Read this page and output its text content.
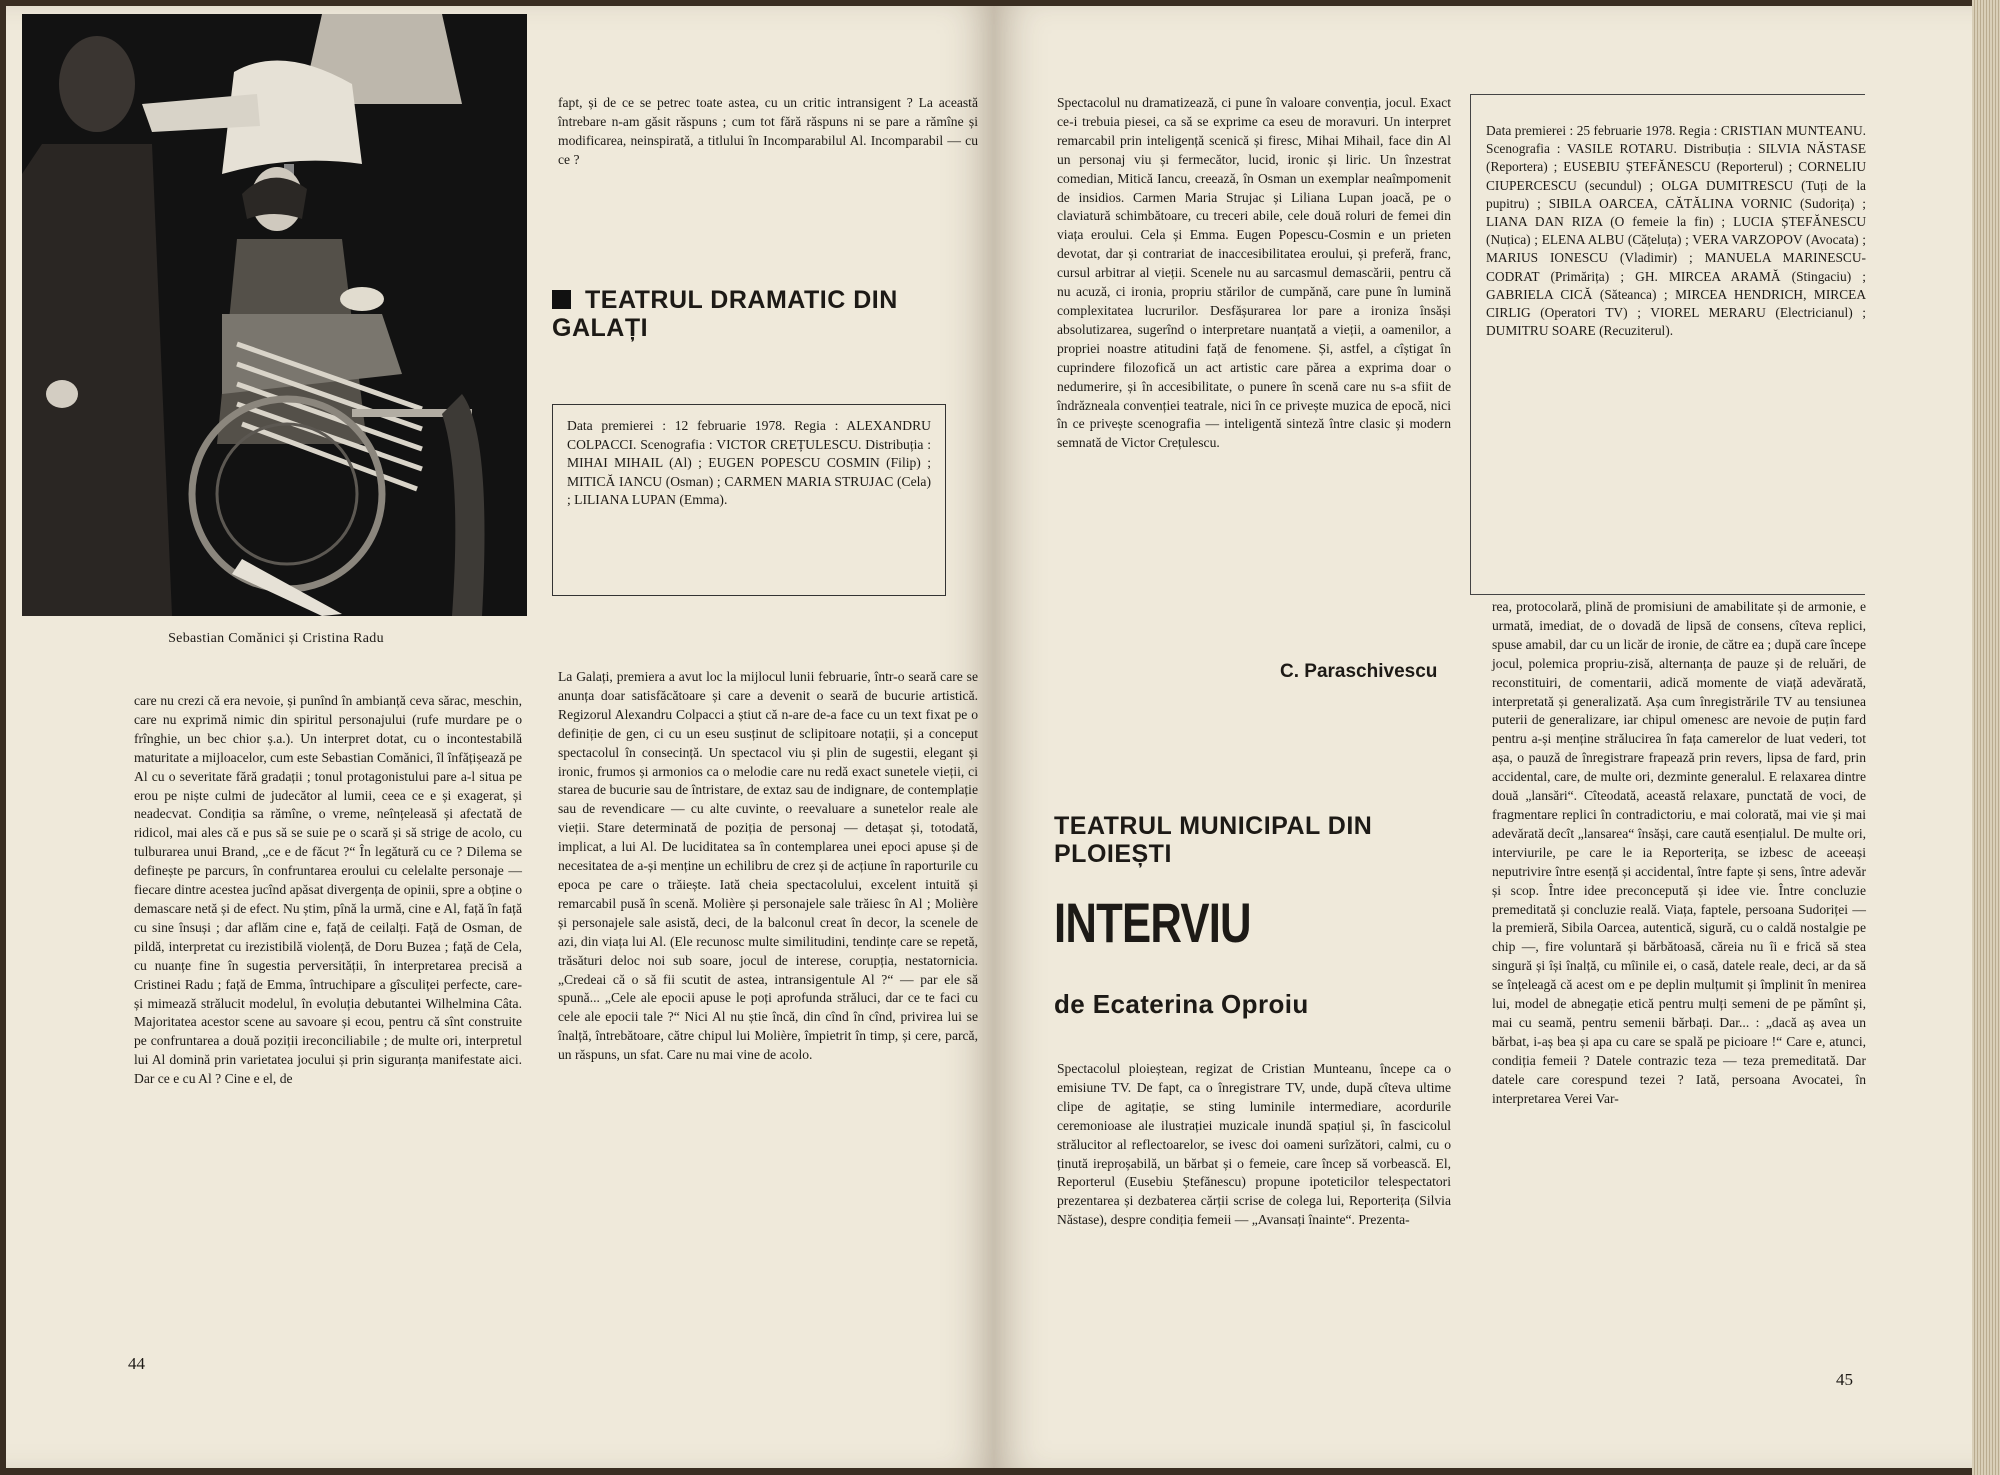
Sebastian Comănici și Cristina Radu

care nu crezi că era nevoie, și punînd în ambianță ceva sărac, meschin, care nu exprimă nimic din spiritul personajului (rufe murdare pe o frînghie, un bec chior ș.a.). Un interpret dotat, cu o incontestabilă maturitate a mijloacelor, cum este Sebastian Comănici, îl înfățișează pe Al cu o severitate fără gradații ; tonul protagonistului pare a-l situa pe erou pe niște culmi de judecător al lumii, ceea ce e și exagerat, și neadecvat. Condiția sa rămîne, o vreme, neînțeleasă și afectată de ridicol, mai ales că e pus să se suie pe o scară și să strige de acolo, cu tulburarea unui Brand, „ce e de făcut ?“ În legătură cu ce ? Dilema se definește pe parcurs, în confruntarea eroului cu celelalte personaje — fiecare dintre acestea jucînd apăsat divergența de opinii, spre a obține o demascare netă și de efect. Nu știm, pînă la urmă, cine e Al, față în față cu sine însuși ; dar aflăm cine e, față de ceilalți. Față de Osman, de pildă, interpretat cu irezistibilă violență, de Doru Buzea ; față de Cela, cu nuanțe fine în sugestia perversității, în interpretarea precisă a Cristinei Radu ; față de Emma, întruchipare a gîsculiței perfecte, care-și mimează strălucit modelul, în evoluția debutantei Wilhelmina Câta. Majoritatea acestor scene au savoare și ecou, pentru că sînt construite pe confruntarea a două poziții ireconciliabile ; de multe ori, interpretul lui Al domină prin varietatea jocului și prin siguranța manifestate aici. Dar ce e cu Al ? Cine e el, de

fapt, și de ce se petrec toate astea, cu un critic intransigent ? La această întrebare n-am găsit răspuns ; cum tot fără răspuns ni se pare a rămîne și modificarea, neinspirată, a titlului în Incomparabilul Al. Incomparabil — cu ce ?

TEATRUL DRAMATIC DIN GALAȚI
Data premierei : 12 februarie 1978. Regia : ALEXANDRU COLPACCI. Scenografia : VICTOR CREȚULESCU. Distribuția : MIHAI MIHAIL (Al) ; EUGEN POPESCU COSMIN (Filip) ; MITICĂ IANCU (Osman) ; CARMEN MARIA STRUJAC (Cela) ; LILIANA LUPAN (Emma).

La Galați, premiera a avut loc la mijlocul lunii februarie, într-o seară care se anunța doar satisfăcătoare și care a devenit o seară de bucurie artistică. Regizorul Alexandru Colpacci a știut că n-are de-a face cu un text fixat pe o definiție de gen, ci cu un eseu susținut de sclipitoare notații, și a conceput spectacolul în consecință. Un spectacol viu și plin de sugestii, elegant și ironic, frumos și armonios ca o melodie care nu redă exact sunetele vieții, ci starea de bucurie sau de întristare, de extaz sau de indignare, de contemplație sau de revendicare — cu alte cuvinte, o reevaluare a sunetelor reale ale vieții. Stare determinată de poziția de personaj — detașat și, totodată, implicat, a lui Al. De luciditatea sa în contemplarea unei epoci apuse și de necesitatea de a-și menține un echilibru de crez și de acțiune în raporturile cu epoca pe care o trăiește. Iată cheia spectacolului, excelent intuită și remarcabil pusă în scenă. Molière și personajele sale trăiesc în Al ; Molière și personajele sale asistă, deci, de la balconul creat în decor, la scenele de azi, din viața lui Al. (Ele recunosc multe similitudini, tendințe care se repetă, trăsături deloc noi sub soare, jocul de interese, corupția, nestatornicia. „Credeai că o să fii scutit de astea, intransigentule Al ?“ — par ele să spună... „Cele ale epocii apuse le poți aprofunda străluci, dar ce te faci cu cele ale epocii tale ?“ Nici Al nu știe încă, din cînd în cînd, privirea lui se înalță, întrebătoare, către chipul lui Molière, împietrit în timp, și cere, parcă, un răspuns, un sfat. Care nu mai vine de acolo.

44

Spectacolul nu dramatizează, ci pune în valoare convenția, jocul. Exact ce-i trebuia piesei, ca să se exprime ca eseu de moravuri. Un interpret remarcabil prin inteligență scenică și firesc, Mihai Mihail, face din Al un personaj viu și fermecător, lucid, ironic și liric. Un înzestrat comedian, Mitică Iancu, creează, în Osman un exemplar neaîmpomenit de insidios. Carmen Maria Strujac și Liliana Lupan joacă, pe o claviatură schimbătoare, cu treceri abile, cele două roluri de femei din viața eroului. Cela și Emma. Eugen Popescu-Cosmin e un prieten devotat, dar și contrariat de inaccesibilitatea eroului, și preferă, franc, cursul arbitrar al vieții. Scenele nu au sarcasmul demascării, pentru că nu acuză, ci ironia, propriu stărilor de cumpănă, care pune în lumină complexitatea lucrurilor. Desfășurarea lor pare a ironiza însăși absolutizarea, sugerînd o interpretare nuanțată a vieții, a oamenilor, a propriei noastre atitudini față de fenomene. Și, astfel, a cîștigat în cuprindere filozofică un act artistic care părea a exprima doar o nedumerire, și în accesibilitate, o punere în scenă care nu s-a sfiit de îndrăzneala convenției teatrale, nici în ce privește muzica de epocă, nici în ce privește scenografia — inteligentă sinteză între clasic și modern semnată de Victor Crețulescu.

C. Paraschivescu
TEATRUL MUNICIPAL DIN PLOIEȘTI
INTERVIU
de Ecaterina Oproiu

Spectacolul ploieștean, regizat de Cristian Munteanu, începe ca o emisiune TV. De fapt, ca o înregistrare TV, unde, după cîteva ultime clipe de agitație, se sting luminile intermediare, acordurile ceremonioase ale ilustrației muzicale inundă spațiul și, în fascicolul strălucitor al reflectoarelor, se ivesc doi oameni surîzători, calmi, cu o ținută ireproșabilă, un bărbat și o femeie, care încep să vorbească. El, Reporterul (Eusebiu Ștefănescu) propune ipoteticilor telespectatori prezentarea și dezbaterea cărții scrise de colega lui, Reporterița (Silvia Năstase), despre condiția femeii — „Avansați înainte“. Prezenta-

Data premierei : 25 februarie 1978. Regia : CRISTIAN MUNTEANU. Scenografia : VASILE ROTARU. Distribuția : SILVIA NĂSTASE (Reportera) ; EUSEBIU ȘTEFĂNESCU (Reporterul) ; CORNELIU CIUPERCESCU (secundul) ; OLGA DUMITRESCU (Tuți de la pupitru) ; SIBILA OARCEA, CĂTĂLINA VORNIC (Sudorița) ; LIANA DAN RIZA (O femeie la fin) ; LUCIA ȘTEFĂNESCU (Nuțica) ; ELENA ALBU (Cățeluța) ; VERA VARZOPOV (Avocata) ; MARIUS IONESCU (Vladimir) ; MANUELA MARINESCU-CODRAT (Primărița) ; GH. MIRCEA ARAMĂ (Stingaciu) ; GABRIELA CICĂ (Săteanca) ; MIRCEA HENDRICH, MIRCEA CIRLIG (Operatori TV) ; VIOREL MERARU (Electricianul) ; DUMITRU SOARE (Recuziterul).

rea, protocolară, plină de promisiuni de amabilitate și de armonie, e urmată, imediat, de o dovadă de lipsă de consens, cîteva replici, spuse amabil, dar cu un licăr de ironie, de către ea ; după care începe jocul, polemica propriu-zisă, alternanța de pauze și de reluări, de reconstituiri, de comentarii, adică momente de viață adevărată, interpretată și generalizată. Așa cum înregistrările TV au tensiunea puterii de generalizare, iar chipul omenesc are nevoie de puțin fard pentru a-și menține strălucirea în fața camerelor de luat vederi, tot așa, o pauză de înregistrare frapează prin revers, lipsa de fard, prin accidental, care, de multe ori, dezminte generalul. E relaxarea dintre două „lansări“. Cîteodată, această relaxare, punctată de voci, de fragmentare replici în contradictoriu, e mai colorată, mai vie și mai adevărată decît „lansarea“ însăși, care caută esențialul. De multe ori, interviurile, pe care le ia Reporterița, se izbesc de aceeași neputrivire între esență și accidental, între fapte și sens, între adevăr și scop. Între idee preconcepută și idee vie. Între concluzie premeditată și concluzie reală. Viața, faptele, persoana Sudoriței — la premieră, Sibila Oarcea, autentică, sigură, cu o caldă nostalgie pe chip —, fire voluntară și bărbătoasă, căreia nu îi e frică să stea singură și își înalță, cu mîinile ei, o casă, datele reale, deci, ar da să se înțeleagă că acest om e pe deplin mulțumit și împlinit în menirea lui, model de abnegație etică pentru mulți semeni de pe pămînt și, mai cu seamă, pentru semenii bărbați. Dar... : „dacă aș avea un bărbat, i-aș bea și apa cu care se spală pe picioare !“ Care e, atunci, condiția femeii ? Datele contrazic teza — teza premeditată. Dar datele care corespund tezei ? Iată, persoana Avocatei, în interpretarea Verei Var-

45
